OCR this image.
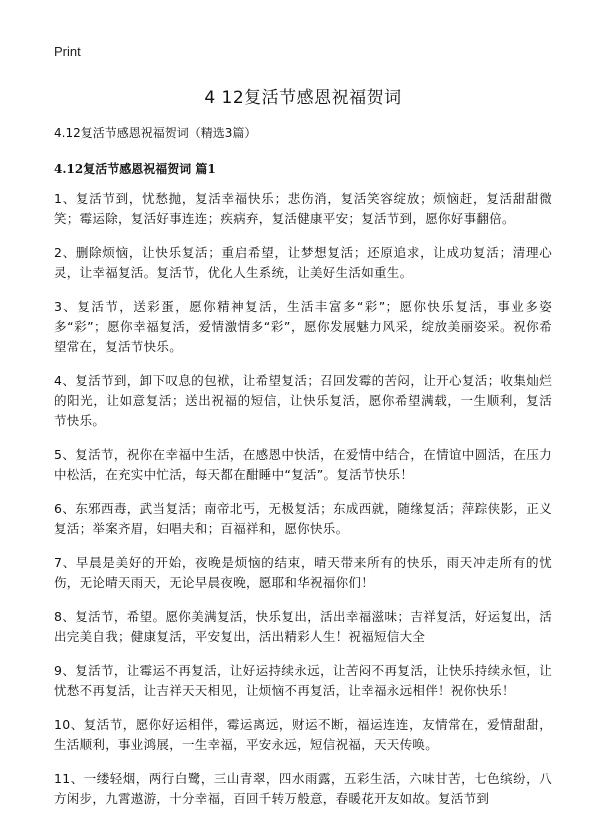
Print
4 12复活节感恩祝福贺词
4.12复活节感恩祝福贺词（精选3篇）
4.12复活节感恩祝福贺词 篇1

1、复活节到，忧愁抛，复活幸福快乐；悲伤消，复活笑容绽放；烦恼赶，复活甜甜微笑；霉运除，复活好事连连；疾病弃，复活健康平安；复活节到，愿你好事翻倍。

2、删除烦恼，让快乐复活；重启希望，让梦想复活；还原追求，让成功复活；清理心灵，让幸福复活。复活节，优化人生系统，让美好生活如重生。

3、复活节，送彩蛋，愿你精神复活，生活丰富多“彩”；愿你快乐复活，事业多姿多“彩”；愿你幸福复活，爱情激情多“彩”，愿你发展魅力风采，绽放美丽姿采。祝你希望常在，复活节快乐。

4、复活节到，卸下叹息的包袱，让希望复活；召回发霉的苦闷，让开心复活；收集灿烂的阳光，让如意复活；送出祝福的短信，让快乐复活，愿你希望满载，一生顺利，复活节快乐。

5、复活节，祝你在幸福中生活，在感恩中快活，在爱情中结合，在情谊中圆活，在压力中松活，在充实中忙活，每天都在酣睡中“复活”。复活节快乐！

6、东邪西毒，武当复活；南帝北丐，无极复活；东成西就，随缘复活；萍踪侠影，正义复活；举案齐眉，妇唱夫和；百福祥和，愿你快乐。

7、早晨是美好的开始，夜晚是烦恼的结束，晴天带来所有的快乐，雨天冲走所有的忧伤，无论晴天雨天，无论早晨夜晚，愿耶和华祝福你们！

8、复活节，希望。愿你美满复活，快乐复出，活出幸福滋味；吉祥复活，好运复出，活出完美自我；健康复活，平安复出，活出精彩人生！祝福短信大全

9、复活节，让霉运不再复活，让好运持续永远，让苦闷不再复活，让快乐持续永恒，让忧愁不再复活，让吉祥天天相见，让烦恼不再复活，让幸福永远相伴！祝你快乐！

10、复活节，愿你好运相伴，霉运离远，财运不断，福运连连，友情常在，爱情甜甜，生活顺利，事业鸿展，一生幸福，平安永远，短信祝福，天天传唤。

11、一缕轻烟，两行白鹭，三山青翠，四水雨露，五彩生活，六味甘苦，七色缤纷，八方闲步，九霄遨游，十分幸福，百回千转万般意，春暖花开友如故。复活节到
